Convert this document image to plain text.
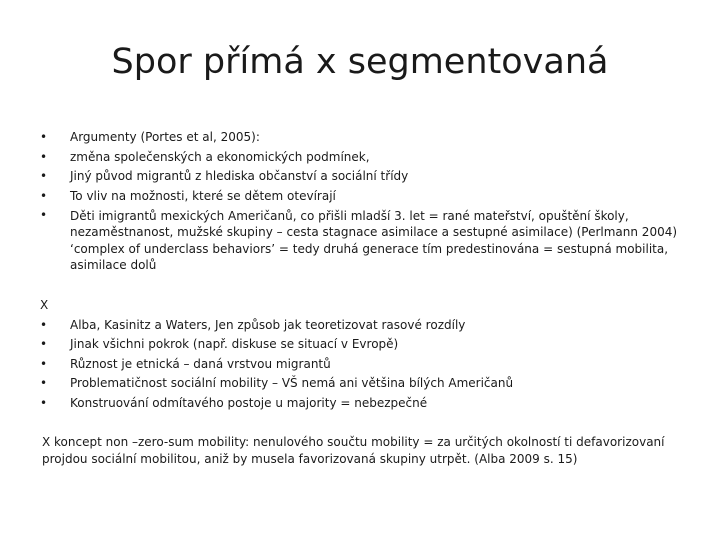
Spor přímá x segmentovaná
•	Argumenty (Portes et al, 2005):
•	změna společenských a ekonomických podmínek,
•	Jiný původ migrantů z hlediska občanství a sociální třídy
•	To vliv na možnosti, které se dětem otevírají
•	Děti imigrantů mexických Američanů, co přišli mladší 3. let = rané mateřství, opuštění školy, nezaměstnanost, mužské skupiny – cesta stagnace asimilace a sestupné asimilace) (Perlmann 2004) ‘complex of underclass behaviors’ = tedy druhá generace tím predestinována = sestupná mobilita, asimilace dolů
X
•	Alba, Kasinitz a Waters, Jen způsob jak teoretizovat rasové rozdíly
•	Jinak všichni pokrok (např. diskuse se situací v Evropě)
•	Různost je etnická – daná vrstvou migrantů
•	Problematičnost sociální mobility – VŠ nemá ani většina bílých Američanů
•	Konstruování odmítavého postoje u majority = nebezpečné

X koncept non –zero-sum mobility: nenulového součtu mobility = za určitých okolností ti defavorizovaní projdou sociální mobilitou, aniž by musela favorizovaná skupiny utrpět. (Alba 2009 s. 15)
